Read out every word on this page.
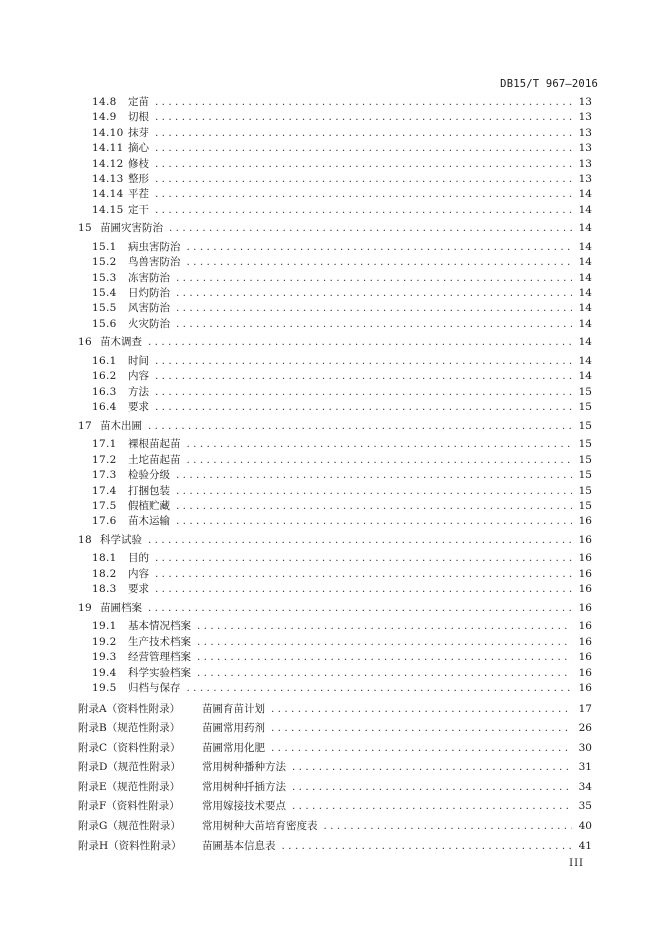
DB15/T 967—2016
14.8	定苗 . . .	13
14.9	切根 . . .	13
14.10 抹芽 . . .	13
14.11 摘心 . . .	13
14.12 修枝 . . .	13
14.13 整形 . . .	13
14.14 平茬 . . .	14
14.15 定干 . . .	14
15 苗圃灾害防治 . . .	14
15.1	病虫害防治 . . .	14
15.2	鸟兽害防治 . . .	14
15.3	冻害防治 . . .	14
15.4	日灼防治 . . .	14
15.5	风害防治 . . .	14
15.6	火灾防治 . . .	14
16 苗木调查 . . .	14
16.1	时间 . . .	14
16.2	内容 . . .	14
16.3	方法 . . .	15
16.4	要求 . . .	15
17 苗木出圃 . . .	15
17.1	裸根苗起苗 . . .	15
17.2	土坨苗起苗 . . .	15
17.3	检验分级 . . .	15
17.4	打捆包装 . . .	15
17.5	假植贮藏 . . .	15
17.6	苗木运输 . . .	16
18 科学试验 . . .	16
18.1	目的 . . .	16
18.2	内容 . . .	16
18.3	要求 . . .	16
19 苗圃档案 . . .	16
19.1	基本情况档案 . . .	16
19.2	生产技术档案 . . .	16
19.3	经营管理档案 . . .	16
19.4	科学实验档案 . . .	16
19.5	归档与保存 . . .	16
附录A（资料性附录）	苗圃育苗计划 . . .	17
附录B（规范性附录）	苗圃常用药剂 . . .	26
附录C（资料性附录）	苗圃常用化肥 . . .	30
附录D（规范性附录）	常用树种播种方法 . . .	31
附录E（规范性附录）	常用树种扦插方法 . . .	34
附录F（资料性附录）	常用嫁接技术要点 . . .	35
附录G（规范性附录）	常用树种大苗培育密度表 . . .	40
附录H（资料性附录）	苗圃基本信息表 . . .	41
III
